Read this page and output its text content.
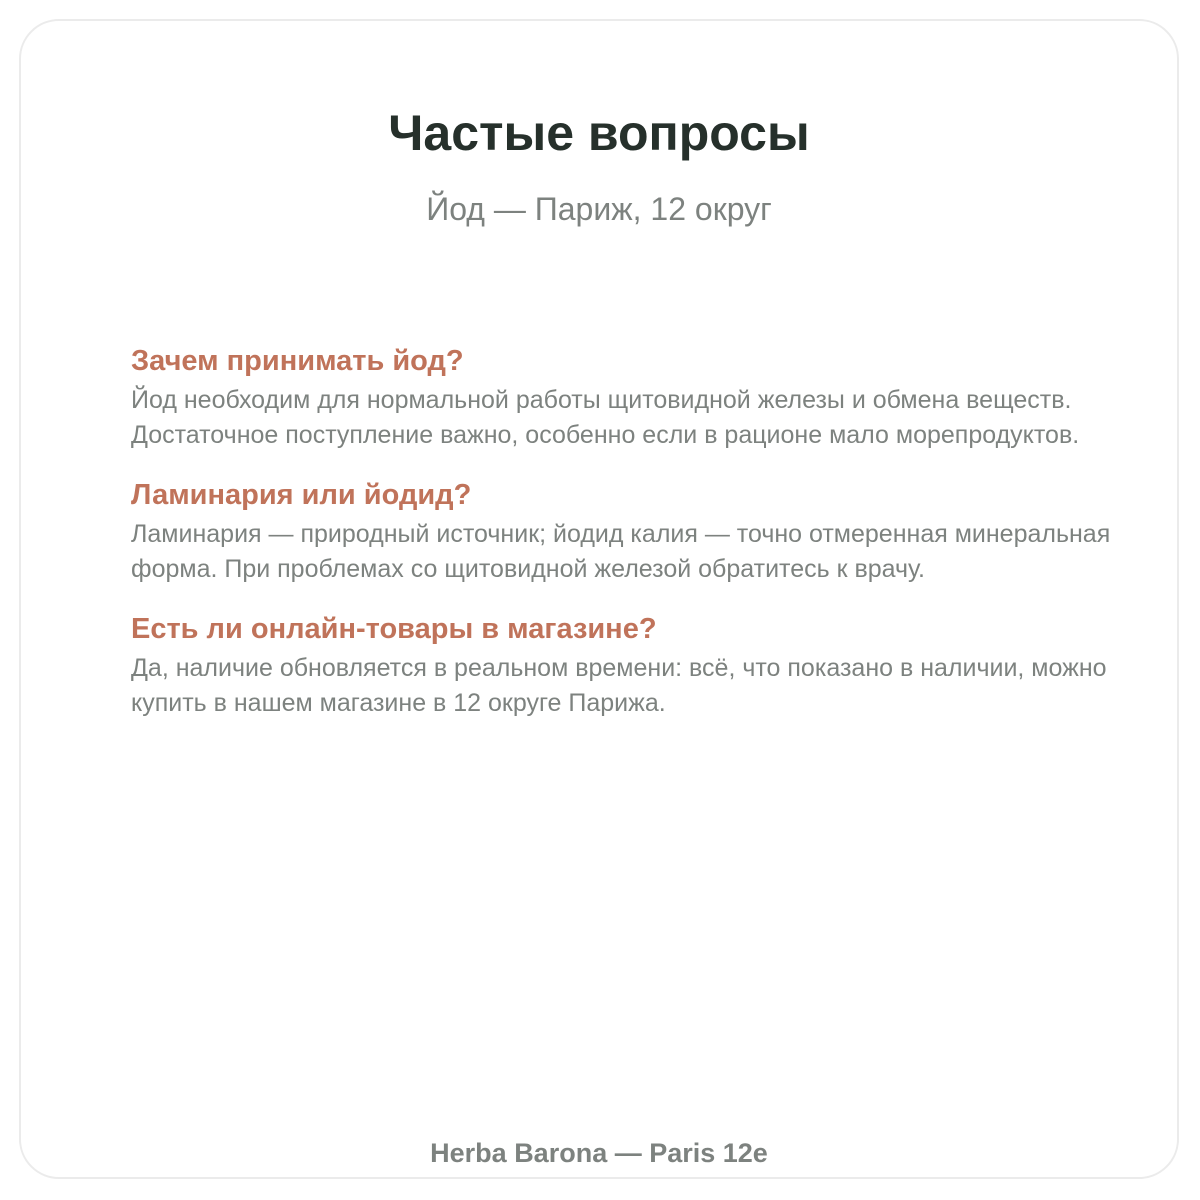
Частые вопросы
Йод — Париж, 12 округ
Зачем принимать йод?

Йод необходим для нормальной работы щитовидной железы и обмена веществ. Достаточное поступление важно, особенно если в рационе мало морепродуктов.

Ламинария или йодид?

Ламинария — природный источник; йодид калия — точно отмеренная минеральная форма. При проблемах со щитовидной железой обратитесь к врачу.

Есть ли онлайн-товары в магазине?

Да, наличие обновляется в реальном времени: всё, что показано в наличии, можно купить в нашем магазине в 12 округе Парижа.

Herba Barona — Paris 12e
